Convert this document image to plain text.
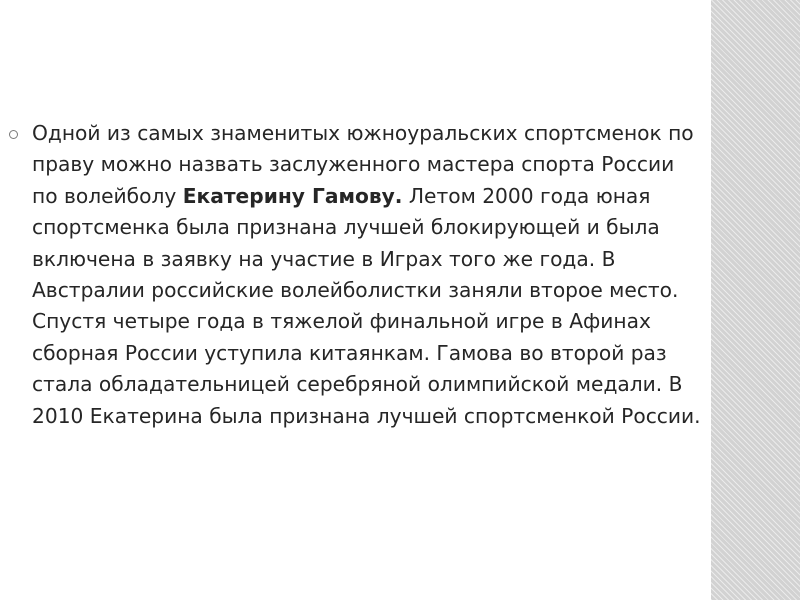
Одной из самых знаменитых южноуральских спортсменок по праву можно назвать заслуженного мастера спорта России по волейболу Екатерину Гамову. Летом 2000 года юная спортсменка была признана лучшей блокирующей и была включена в заявку на участие в Играх того же года. В Австралии российские волейболистки заняли второе место. Спустя четыре года в тяжелой финальной игре в Афинах сборная России уступила китаянкам. Гамова во второй раз стала обладательницей серебряной олимпийской медали. В 2010 Екатерина была признана лучшей спортсменкой России.
